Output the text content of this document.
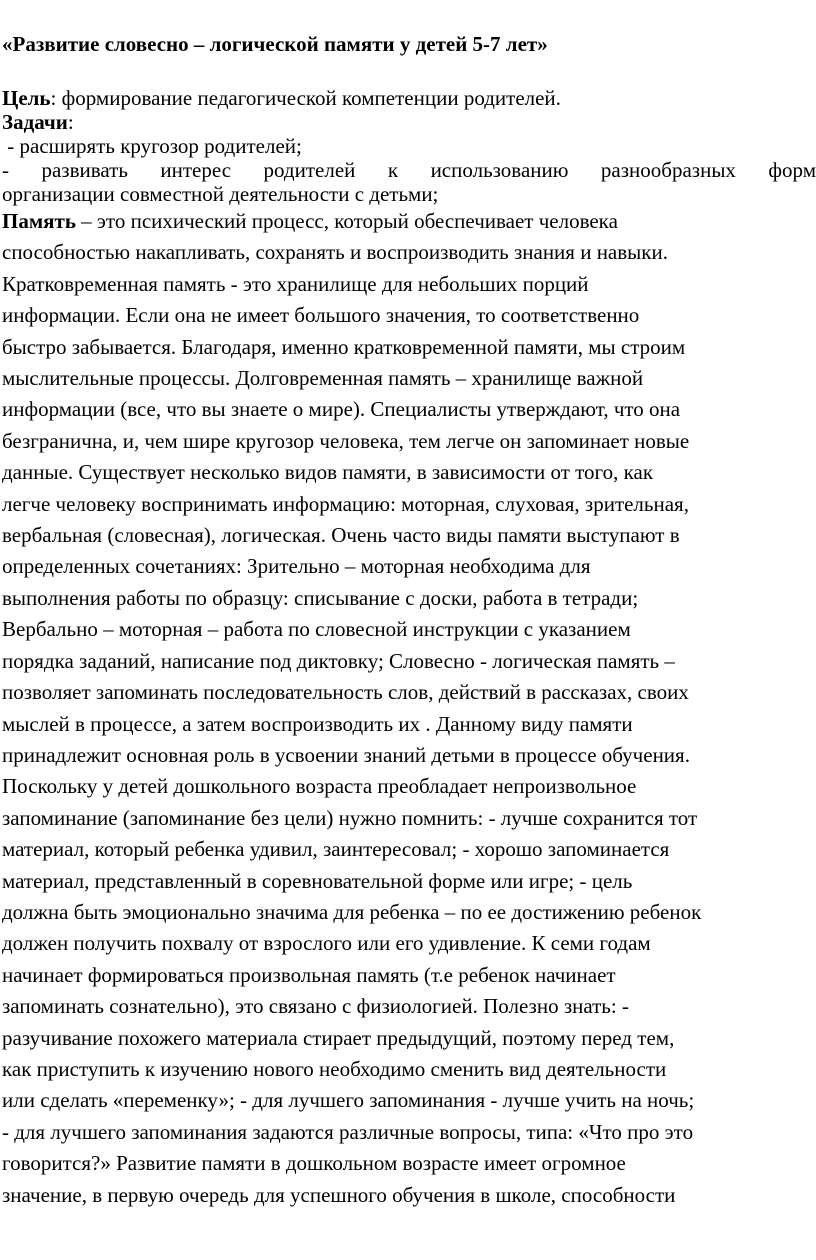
«Развитие словесно – логической памяти у детей 5-7 лет»
Цель: формирование педагогической компетенции родителей.
Задачи:
- расширять кругозор родителей;
- развивать интерес родителей к использованию разнообразных форм
организации совместной деятельности с детьми;
Память – это психический процесс, который обеспечивает человека
способностью накапливать, сохранять и воспроизводить знания и навыки.
Кратковременная память - это хранилище для небольших порций
информации. Если она не имеет большого значения, то соответственно
быстро забывается. Благодаря, именно кратковременной памяти, мы строим
мыслительные процессы. Долговременная память – хранилище важной
информации (все, что вы знаете о мире). Специалисты утверждают, что она
безгранична, и, чем шире кругозор человека, тем легче он запоминает новые
данные. Существует несколько видов памяти, в зависимости от того, как
легче человеку воспринимать информацию: моторная, слуховая, зрительная,
вербальная (словесная), логическая. Очень часто виды памяти выступают в
определенных сочетаниях: Зрительно – моторная необходима для
выполнения работы по образцу: списывание с доски, работа в тетради;
Вербально – моторная – работа по словесной инструкции с указанием
порядка заданий, написание под диктовку; Словесно - логическая память –
позволяет запоминать последовательность слов, действий в рассказах, своих
мыслей в процессе, а затем воспроизводить их . Данному виду памяти
принадлежит основная роль в усвоении знаний детьми в процессе обучения.
Поскольку у детей дошкольного возраста преобладает непроизвольное
запоминание (запоминание без цели) нужно помнить: - лучше сохранится тот
материал, который ребенка удивил, заинтересовал; - хорошо запоминается
материал, представленный в соревновательной форме или игре; - цель
должна быть эмоционально значима для ребенка – по ее достижению ребенок
должен получить похвалу от взрослого или его удивление. К семи годам
начинает формироваться произвольная память (т.е ребенок начинает
запоминать сознательно), это связано с физиологией. Полезно знать: -
разучивание похожего материала стирает предыдущий, поэтому перед тем,
как приступить к изучению нового необходимо сменить вид деятельности
или сделать «переменку»; - для лучшего запоминания - лучше учить на ночь;
- для лучшего запоминания задаются различные вопросы, типа: «Что про это
говорится?» Развитие памяти в дошкольном возрасте имеет огромное
значение, в первую очередь для успешного обучения в школе, способности
